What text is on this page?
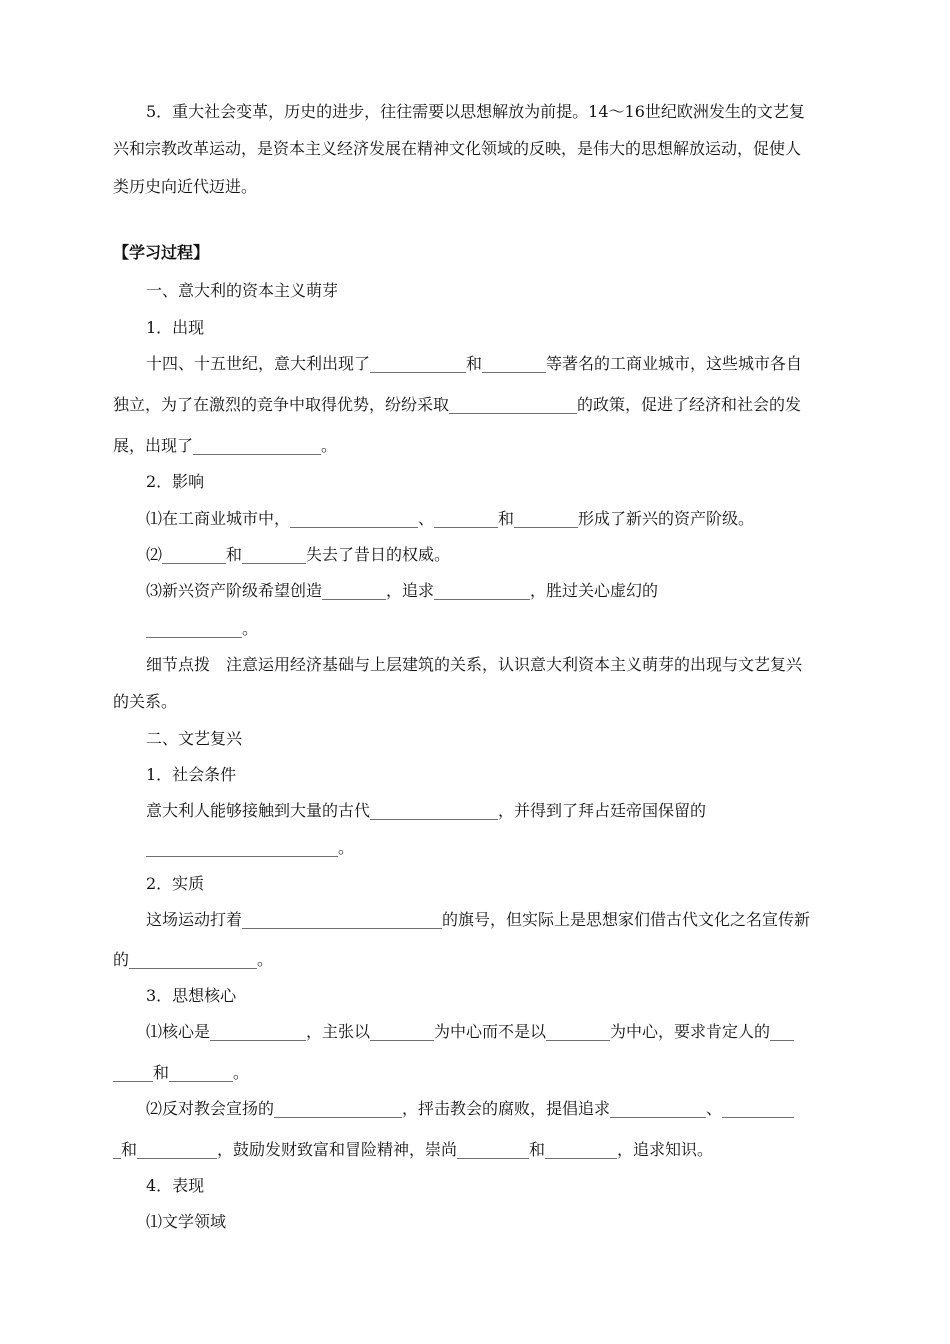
5．重大社会变革，历史的进步，往往需要以思想解放为前提。14～16世纪欧洲发生的文艺复
兴和宗教改革运动，是资本主义经济发展在精神文化领域的反映，是伟大的思想解放运动，促使人
类历史向近代迈进。
【学习过程】
一、意大利的资本主义萌芽
1．出现
十四、十五世纪，意大利出现了____________和________等著名的工商业城市，这些城市各自
独立，为了在激烈的竞争中取得优势，纷纷采取________________的政策，促进了经济和社会的发
展，出现了________________。
2．影响
⑴在工商业城市中，________________、________和________形成了新兴的资产阶级。
⑵________和________失去了昔日的权威。
⑶新兴资产阶级希望创造________，追求____________，胜过关心虚幻的
____________。
细节点拨　注意运用经济基础与上层建筑的关系，认识意大利资本主义萌芽的出现与文艺复兴
的关系。
二、文艺复兴
1．社会条件
意大利人能够接触到大量的古代________________，并得到了拜占廷帝国保留的
________________________。
2．实质
这场运动打着_________________________的旗号，但实际上是思想家们借古代文化之名宣传新
的________________。
3．思想核心
⑴核心是____________，主张以________为中心而不是以________为中心，要求肯定人的___
_____和________。
⑵反对教会宣扬的________________，抨击教会的腐败，提倡追求____________、_________
_和__________，鼓励发财致富和冒险精神，崇尚_________和_________，追求知识。
4．表现
⑴文学领域
